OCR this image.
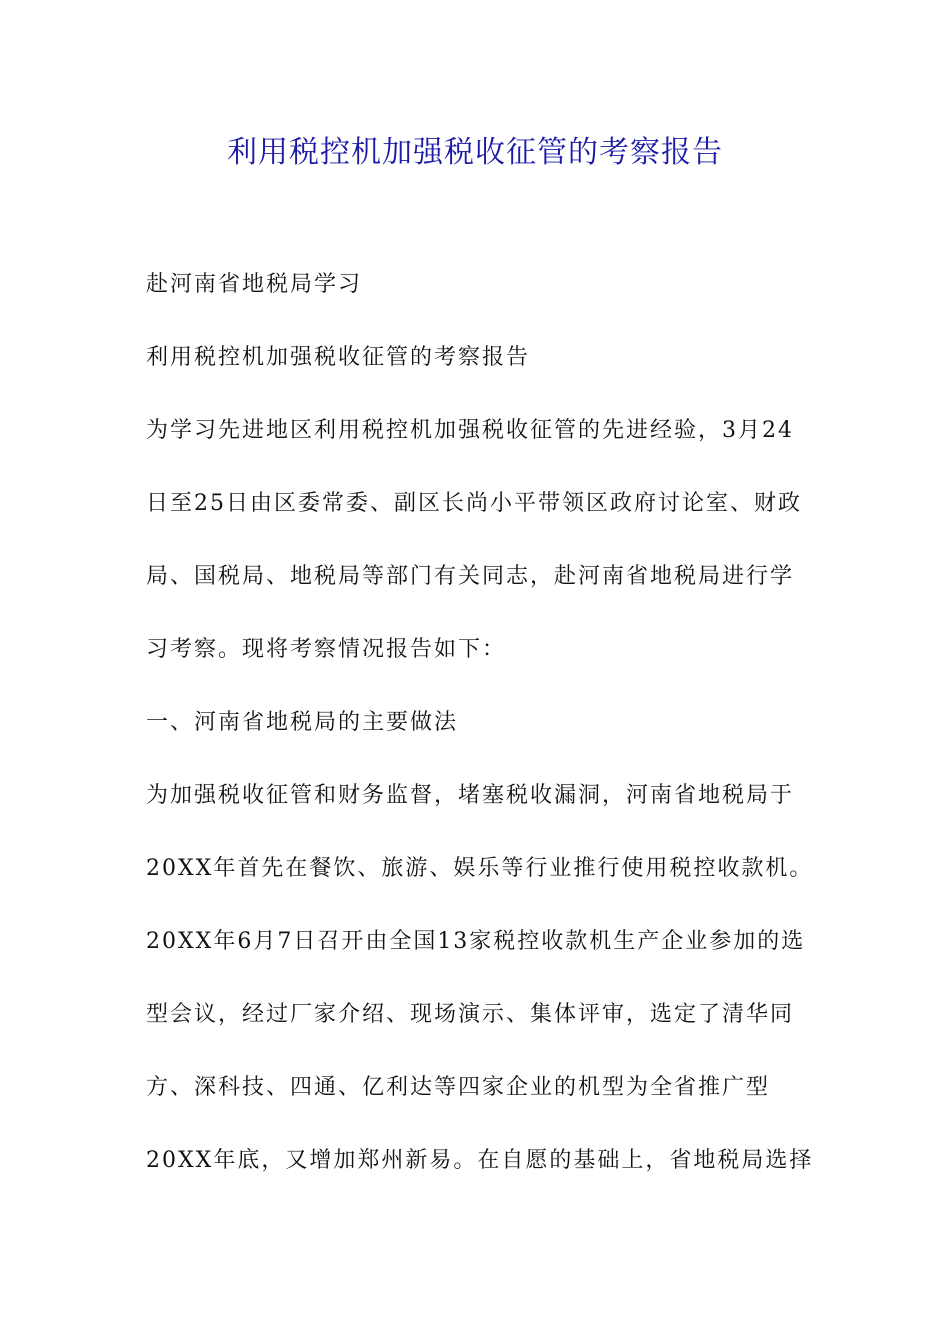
利用税控机加强税收征管的考察报告
赴河南省地税局学习
利用税控机加强税收征管的考察报告
为学习先进地区利用税控机加强税收征管的先进经验，3月24
日至25日由区委常委、副区长尚小平带领区政府讨论室、财政
局、国税局、地税局等部门有关同志，赴河南省地税局进行学
习考察。现将考察情况报告如下：
一、河南省地税局的主要做法
为加强税收征管和财务监督，堵塞税收漏洞，河南省地税局于
20XX年首先在餐饮、旅游、娱乐等行业推行使用税控收款机。
20XX年6月7日召开由全国13家税控收款机生产企业参加的选
型会议，经过厂家介绍、现场演示、集体评审，选定了清华同
方、深科技、四通、亿利达等四家企业的机型为全省推广型
20XX年底，又增加郑州新易。在自愿的基础上，省地税局选择
